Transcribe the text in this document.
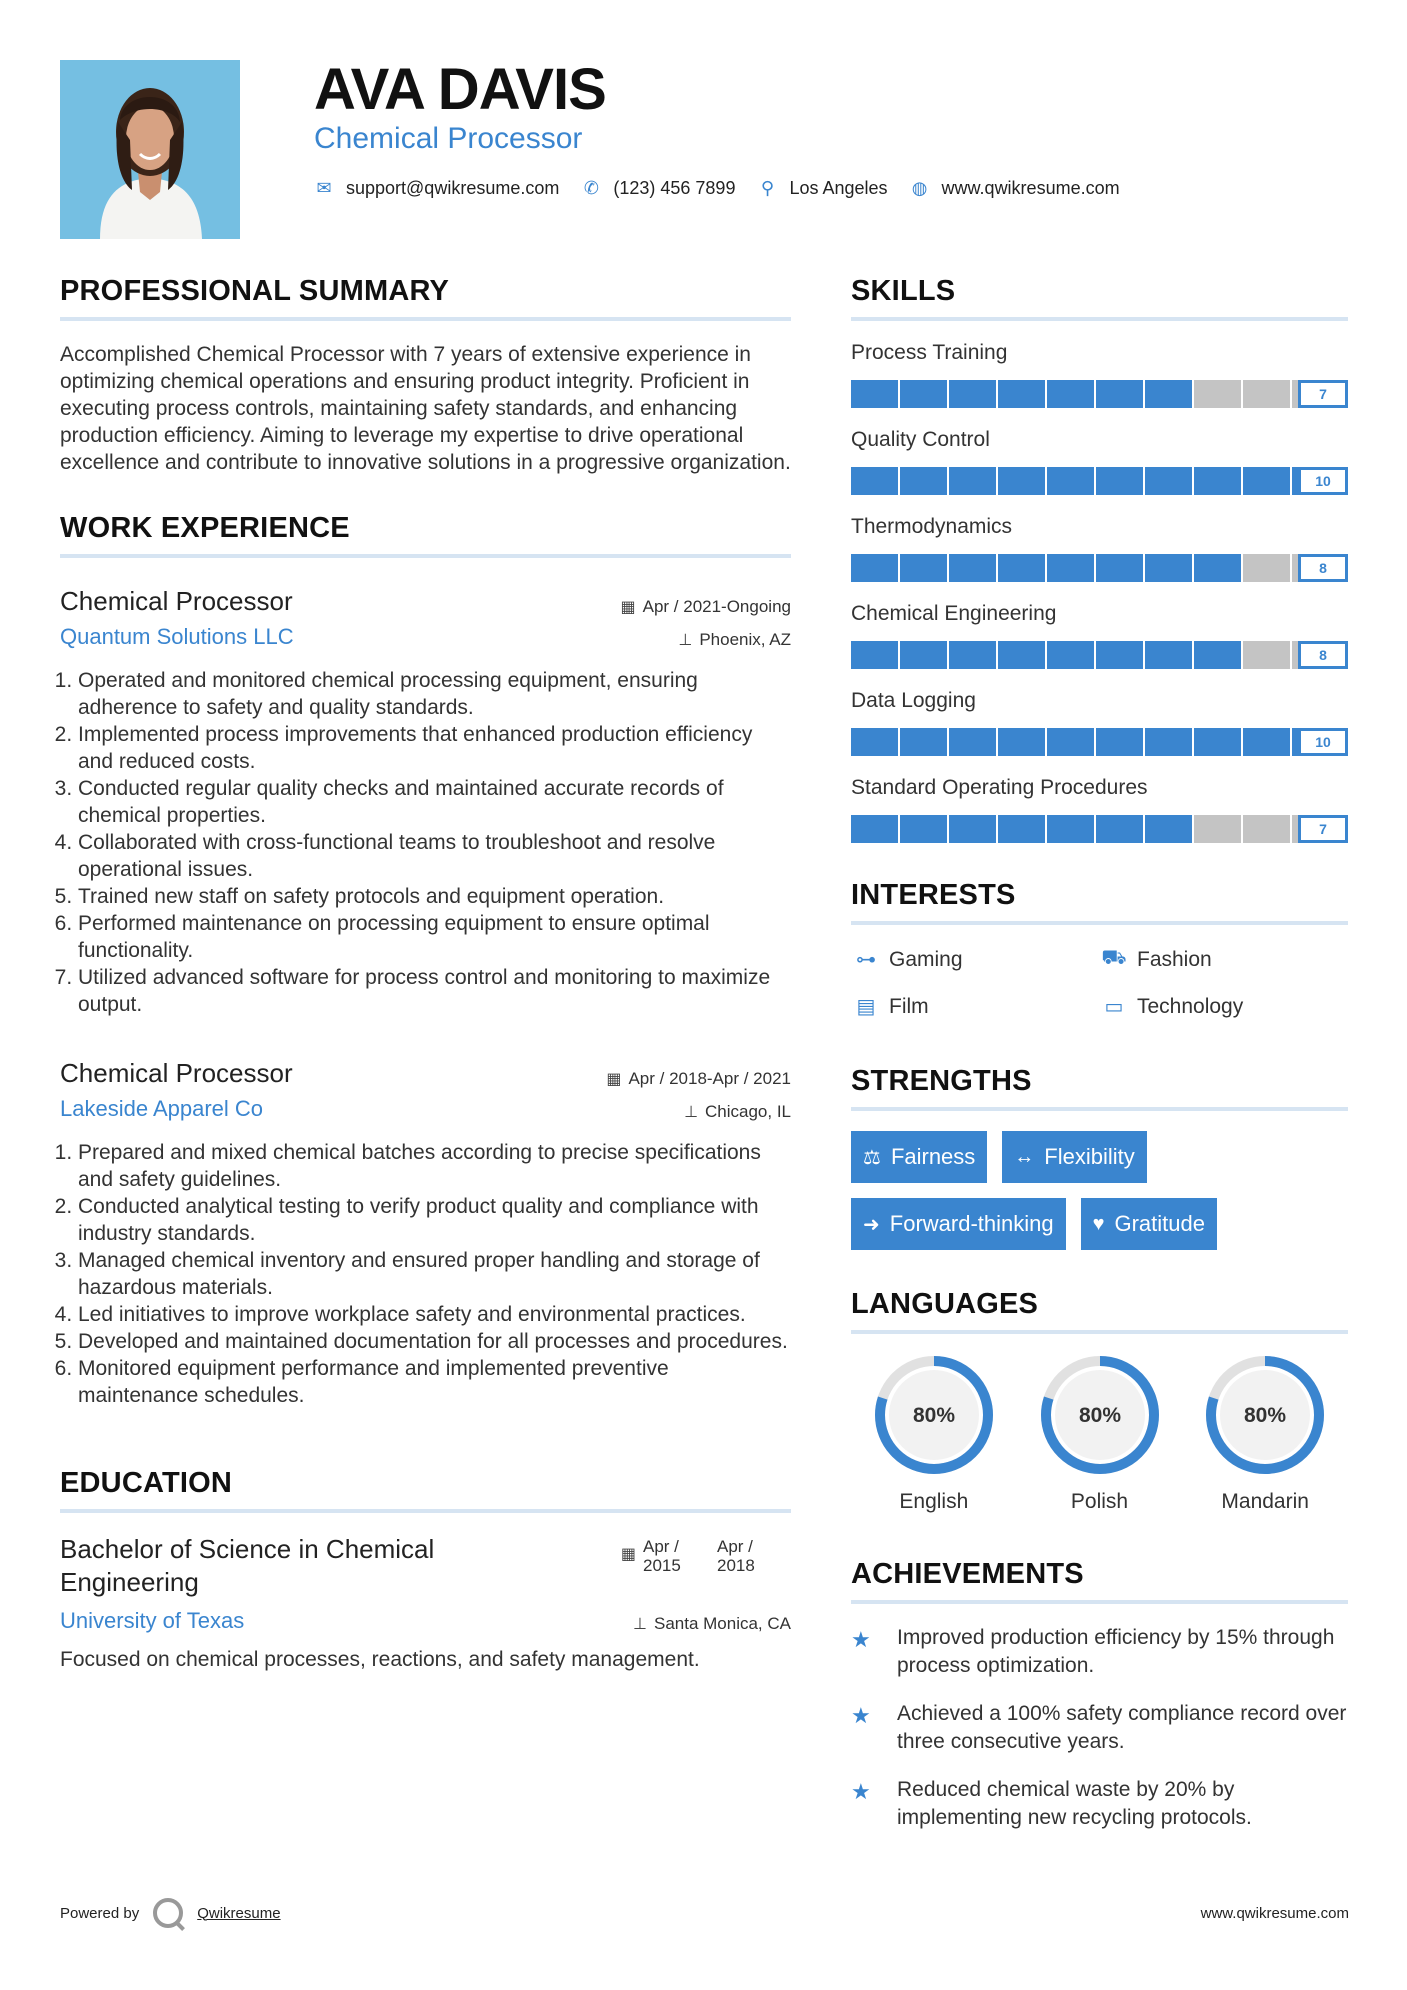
AVA DAVIS
Chemical Processor
✉ support@qwikresume.com ✆ (123) 456 7899 ⚲ Los Angeles ◍ www.qwikresume.com
PROFESSIONAL SUMMARY

Accomplished Chemical Processor with 7 years of extensive experience in optimizing chemical operations and ensuring product integrity. Proficient in executing process controls, maintaining safety standards, and enhancing production efficiency. Aiming to leverage my expertise to drive operational excellence and contribute to innovative solutions in a progressive organization.

WORK EXPERIENCE
Chemical Processor	▦ Apr / 2021-Ongoing
Quantum Solutions LLC	⊥ Phoenix, AZ
1. Operated and monitored chemical processing equipment, ensuring adherence to safety and quality standards.
2. Implemented process improvements that enhanced production efficiency and reduced costs.
3. Conducted regular quality checks and maintained accurate records of chemical properties.
4. Collaborated with cross-functional teams to troubleshoot and resolve operational issues.
5. Trained new staff on safety protocols and equipment operation.
6. Performed maintenance on processing equipment to ensure optimal functionality.
7. Utilized advanced software for process control and monitoring to maximize output.
Chemical Processor	▦ Apr / 2018-Apr / 2021
Lakeside Apparel Co	⊥ Chicago, IL
1. Prepared and mixed chemical batches according to precise specifications and safety guidelines.
2. Conducted analytical testing to verify product quality and compliance with industry standards.
3. Managed chemical inventory and ensured proper handling and storage of hazardous materials.
4. Led initiatives to improve workplace safety and environmental practices.
5. Developed and maintained documentation for all processes and procedures.
6. Monitored equipment performance and implemented preventive maintenance schedules.
EDUCATION
Bachelor of Science in Chemical Engineering
▦ Apr / 2015
Apr / 2018
University of Texas	⊥ Santa Monica, CA

Focused on chemical processes, reactions, and safety management.

SKILLS
Process Training
7
Quality Control
10
Thermodynamics
8
Chemical Engineering
8
Data Logging
10
Standard Operating Procedures
7
INTERESTS
⊶ Gaming	⛟ Fashion
▤ Film	▭ Technology
STRENGTHS
⚖ Fairness ↔ Flexibility
➜ Forward-thinking ♥ Gratitude
LANGUAGES
80%
English
80%
Polish
80%
Mandarin
ACHIEVEMENTS
★	Improved production efficiency by 15% through process optimization.
★	Achieved a 100% safety compliance record over three consecutive years.
★	Reduced chemical waste by 20% by implementing new recycling protocols.
Powered by	Qwikresume	www.qwikresume.com
